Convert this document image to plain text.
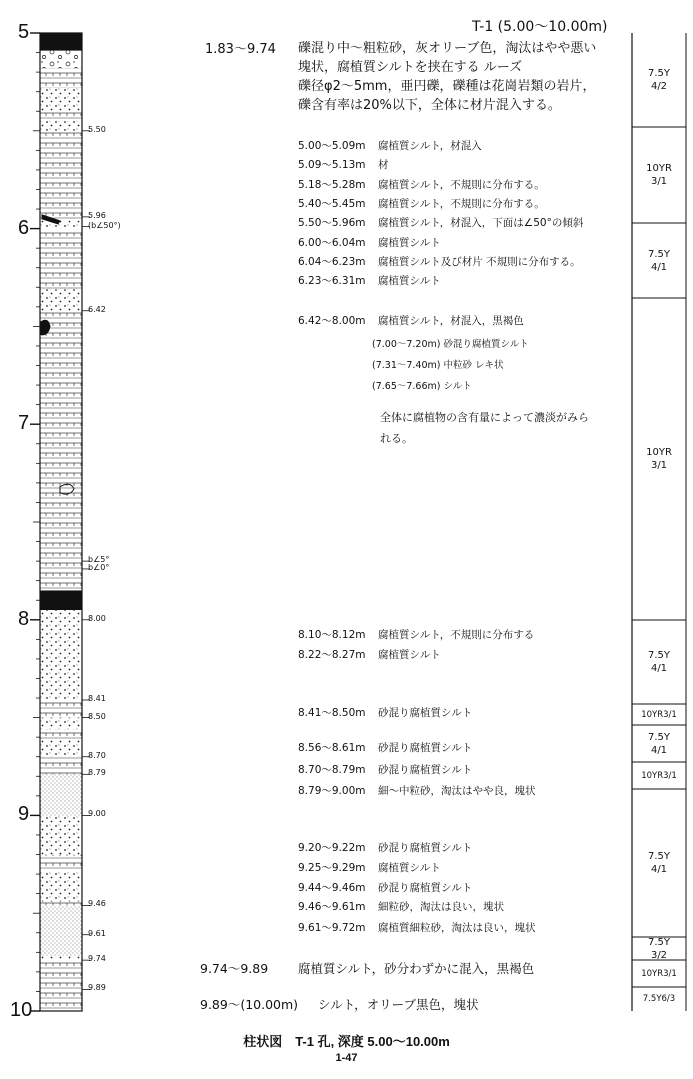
T-1 (5.00〜10.00m)
5
6
7
8
9
10
5.50
5.96
(b∠50°)
6.42
b∠5°
b∠0°
8.00
8.41
8.50
8.70
8.79
9.00
9.46
9.61
9.74
9.89
1.83〜9.74 礫混り中〜粗粒砂，灰オリーブ色，淘汰はやや悪い
塊状，腐植質シルトを挟在する ルーズ
礫径φ2〜5mm，亜円礫，礫種は花崗岩類の岩片，
礫含有率は20%以下，全体に材片混入する。
5.00〜5.09m 腐植質シルト，材混入
5.09〜5.13m 材
5.18〜5.28m 腐植質シルト，不規則に分布する。
5.40〜5.45m 腐植質シルト，不規則に分布する。
5.50〜5.96m 腐植質シルト，材混入，下面は∠50°の傾斜
6.00〜6.04m 腐植質シルト
6.04〜6.23m 腐植質シルト及び材片 不規則に分布する。
6.23〜6.31m 腐植質シルト
6.42〜8.00m 腐植質シルト，材混入，黒褐色
8.10〜8.12m 腐植質シルト，不規則に分布する
8.22〜8.27m 腐植質シルト
8.41〜8.50m 砂混り腐植質シルト
8.56〜8.61m 砂混り腐植質シルト
8.70〜8.79m 砂混り腐植質シルト
8.79〜9.00m 細〜中粒砂，淘汰はやや良，塊状
9.20〜9.22m 砂混り腐植質シルト
9.25〜9.29m 腐植質シルト
9.44〜9.46m 砂混り腐植質シルト
9.46〜9.61m 細粒砂，淘汰は良い，塊状
9.61〜9.72m 腐植質細粒砂，淘汰は良い，塊状
(7.00〜7.20m) 砂混り腐植質シルト
(7.31〜7.40m) 中粒砂 レキ状
(7.65〜7.66m) シルト
全体に腐植物の含有量によって濃淡がみら
れる。
9.74〜9.89 腐植質シルト，砂分わずかに混入，黒褐色
9.89〜(10.00m) シルト，オリーブ黒色，塊状
7.5Y
4/2
10YR
3/1
7.5Y
4/1
10YR
3/1
7.5Y
4/1
10YR3/1
7.5Y
4/1
10YR3/1
7.5Y
4/1
7.5Y
3/2
10YR3/1
7.5Y6/3
柱状図　T-1 孔, 深度 5.00〜10.00m
1-47
